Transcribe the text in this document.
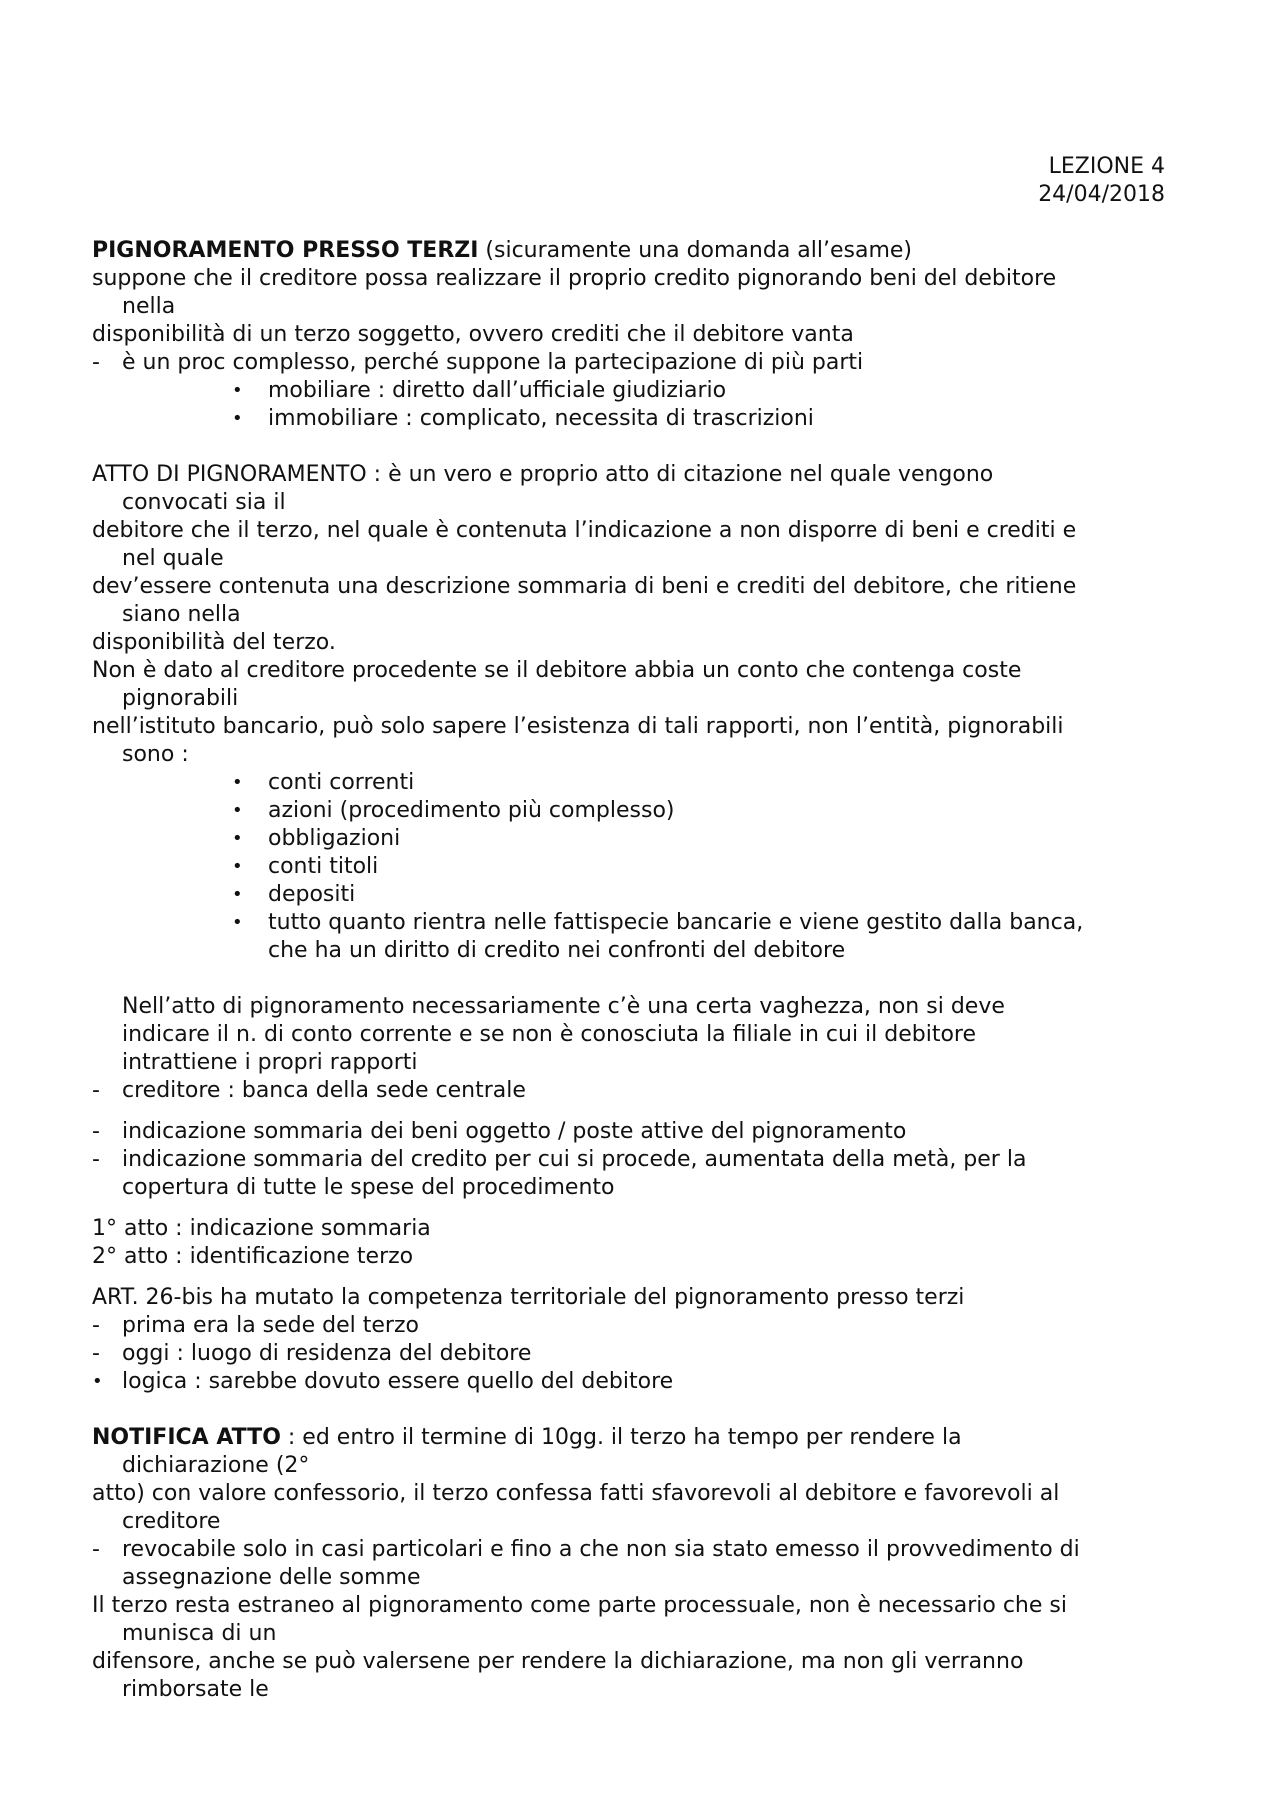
LEZIONE 4
24/04/2018
PIGNORAMENTO PRESSO TERZI (sicuramente una domanda all’esame)
suppone che il creditore possa realizzare il proprio credito pignorando beni del debitore
nella
disponibilità di un terzo soggetto, ovvero crediti che il debitore vanta
- è un proc complesso, perché suppone la partecipazione di più parti
• mobiliare : diretto dall’ufficiale giudiziario
• immobiliare : complicato, necessita di trascrizioni
ATTO DI PIGNORAMENTO : è un vero e proprio atto di citazione nel quale vengono
convocati sia il
debitore che il terzo, nel quale è contenuta l’indicazione a non disporre di beni e crediti e
nel quale
dev’essere contenuta una descrizione sommaria di beni e crediti del debitore, che ritiene
siano nella
disponibilità del terzo.
Non è dato al creditore procedente se il debitore abbia un conto che contenga coste
pignorabili
nell’istituto bancario, può solo sapere l’esistenza di tali rapporti, non l’entità, pignorabili
sono :
• conti correnti
• azioni (procedimento più complesso)
• obbligazioni
• conti titoli
• depositi
• tutto quanto rientra nelle fattispecie bancarie e viene gestito dalla banca,
che ha un diritto di credito nei confronti del debitore
Nell’atto di pignoramento necessariamente c’è una certa vaghezza, non si deve
indicare il n. di conto corrente e se non è conosciuta la filiale in cui il debitore
intrattiene i propri rapporti
- creditore : banca della sede centrale
- indicazione sommaria dei beni oggetto / poste attive del pignoramento
- indicazione sommaria del credito per cui si procede, aumentata della metà, per la
copertura di tutte le spese del procedimento
1° atto : indicazione sommaria
2° atto : identificazione terzo
ART. 26-bis ha mutato la competenza territoriale del pignoramento presso terzi
- prima era la sede del terzo
- oggi : luogo di residenza del debitore
• logica : sarebbe dovuto essere quello del debitore
NOTIFICA ATTO : ed entro il termine di 10gg. il terzo ha tempo per rendere la
dichiarazione (2°
atto) con valore confessorio, il terzo confessa fatti sfavorevoli al debitore e favorevoli al
creditore
- revocabile solo in casi particolari e fino a che non sia stato emesso il provvedimento di
assegnazione delle somme
Il terzo resta estraneo al pignoramento come parte processuale, non è necessario che si
munisca di un
difensore, anche se può valersene per rendere la dichiarazione, ma non gli verranno
rimborsate le
